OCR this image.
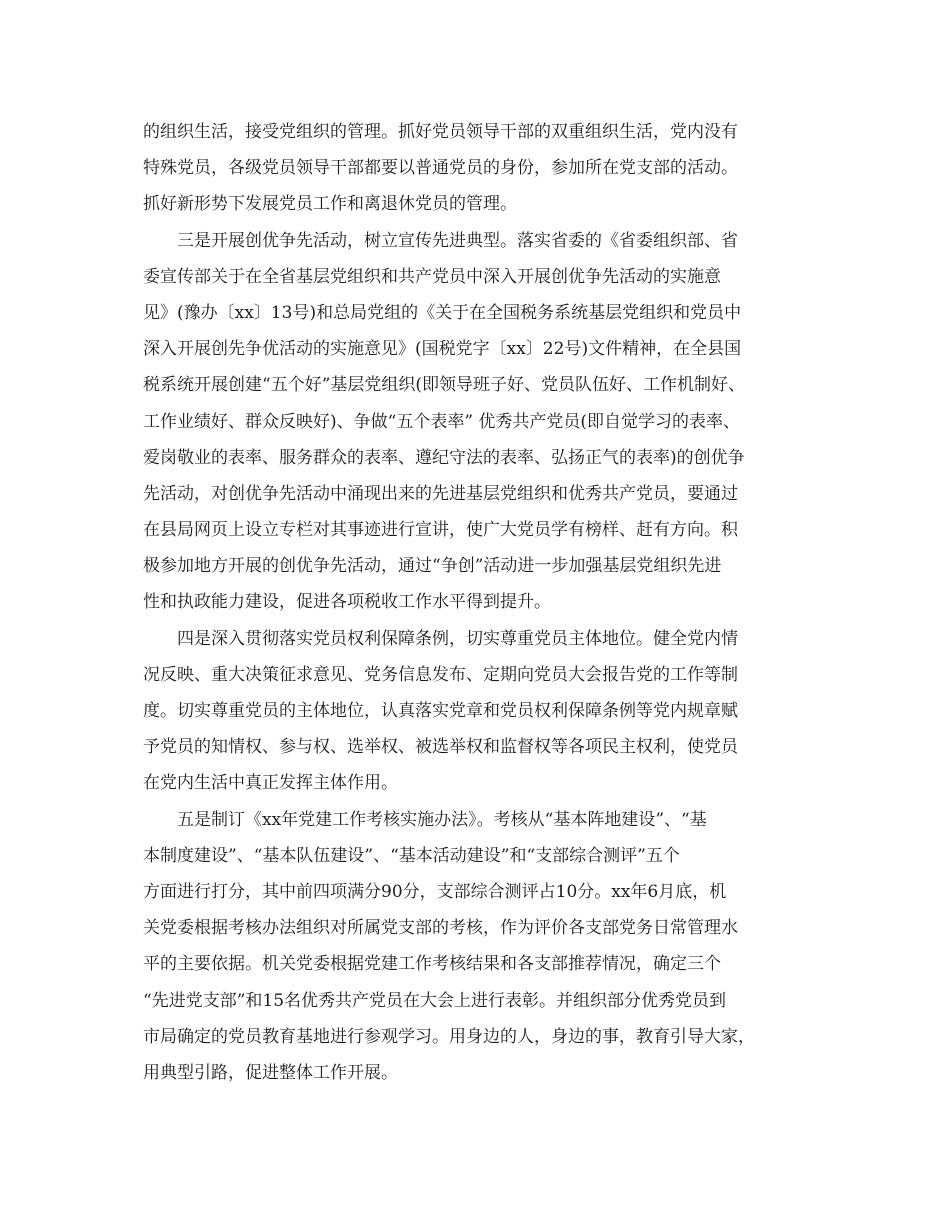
的组织生活，接受党组织的管理。抓好党员领导干部的双重组织生活，党内没有
特殊党员，各级党员领导干部都要以普通党员的身份，参加所在党支部的活动。
抓好新形势下发展党员工作和离退休党员的管理。
三是开展创优争先活动，树立宣传先进典型。落实省委的《省委组织部、省
委宣传部关于在全省基层党组织和共产党员中深入开展创优争先活动的实施意
见》(豫办〔xx〕13号)和总局党组的《关于在全国税务系统基层党组织和党员中
深入开展创先争优活动的实施意见》(国税党字〔xx〕22号)文件精神，在全县国
税系统开展创建“五个好”基层党组织(即领导班子好、党员队伍好、工作机制好、
工作业绩好、群众反映好)、争做“五个表率” 优秀共产党员(即自觉学习的表率、
爱岗敬业的表率、服务群众的表率、遵纪守法的表率、弘扬正气的表率)的创优争
先活动，对创优争先活动中涌现出来的先进基层党组织和优秀共产党员，要通过
在县局网页上设立专栏对其事迹进行宣讲，使广大党员学有榜样、赶有方向。积
极参加地方开展的创优争先活动，通过“争创”活动进一步加强基层党组织先进
性和执政能力建设，促进各项税收工作水平得到提升。
四是深入贯彻落实党员权利保障条例，切实尊重党员主体地位。健全党内情
况反映、重大决策征求意见、党务信息发布、定期向党员大会报告党的工作等制
度。切实尊重党员的主体地位，认真落实党章和党员权利保障条例等党内规章赋
予党员的知情权、参与权、选举权、被选举权和监督权等各项民主权利，使党员
在党内生活中真正发挥主体作用。
五是制订《xx年党建工作考核实施办法》。考核从“基本阵地建设”、“基
本制度建设”、“基本队伍建设”、“基本活动建设”和“支部综合测评”五个
方面进行打分，其中前四项满分90分，支部综合测评占10分。xx年6月底，机
关党委根据考核办法组织对所属党支部的考核，作为评价各支部党务日常管理水
平的主要依据。机关党委根据党建工作考核结果和各支部推荐情况，确定三个
“先进党支部”和15名优秀共产党员在大会上进行表彰。并组织部分优秀党员到
市局确定的党员教育基地进行参观学习。用身边的人，身边的事，教育引导大家，
用典型引路，促进整体工作开展。
